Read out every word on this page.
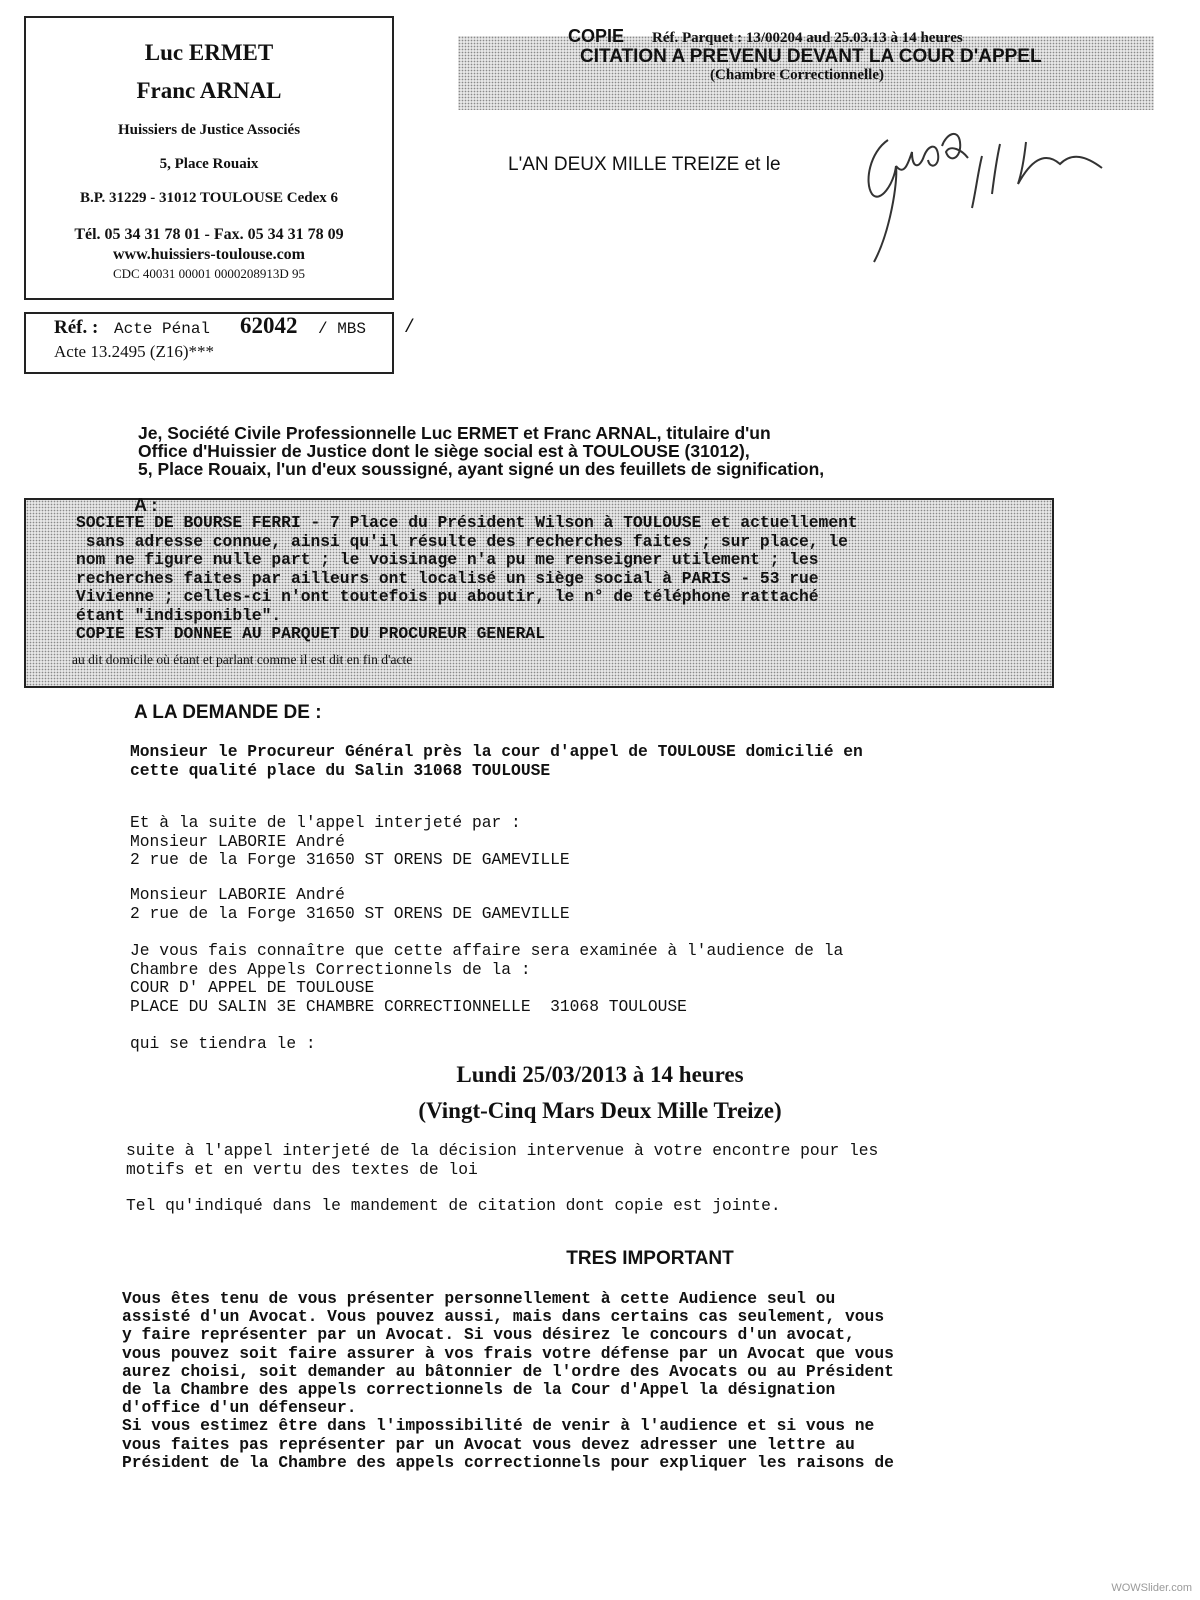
Luc ERMET
Franc ARNAL
Huissiers de Justice Associés
5, Place Rouaix
B.P. 31229 - 31012 TOULOUSE Cedex 6
Tél. 05 34 31 78 01 - Fax. 05 34 31 78 09
www.huissiers-toulouse.com
CDC 40031 00001 0000208913D 95
Réf. : Acte Pénal 62042 / MBS
Acte 13.2495 (Z16)***
/
COPIE Réf. Parquet : 13/00204 aud 25.03.13 à 14 heures
CITATION A PREVENU DEVANT LA COUR D'APPEL
(Chambre Correctionnelle)
L'AN DEUX MILLE TREIZE et le
Je, Société Civile Professionnelle Luc ERMET et Franc ARNAL, titulaire d'un
Office d'Huissier de Justice dont le siège social est à TOULOUSE (31012),
5, Place Rouaix, l'un d'eux soussigné, ayant signé un des feuillets de signification,
A :
SOCIETE DE BOURSE FERRI - 7 Place du Président Wilson à TOULOUSE et actuellement
sans adresse connue, ainsi qu'il résulte des recherches faites ; sur place, le
nom ne figure nulle part ; le voisinage n'a pu me renseigner utilement ; les
recherches faites par ailleurs ont localisé un siège social à PARIS - 53 rue
Vivienne ; celles-ci n'ont toutefois pu aboutir, le n° de téléphone rattaché
étant "indisponible".
COPIE EST DONNEE AU PARQUET DU PROCUREUR GENERAL
au dit domicile où étant et parlant comme il est dit en fin d'acte
A LA DEMANDE DE :
Monsieur le Procureur Général près la cour d'appel de TOULOUSE domicilié en
cette qualité place du Salin 31068 TOULOUSE
Et à la suite de l'appel interjeté par :
Monsieur LABORIE André
2 rue de la Forge 31650 ST ORENS DE GAMEVILLE
Monsieur LABORIE André
2 rue de la Forge 31650 ST ORENS DE GAMEVILLE
Je vous fais connaître que cette affaire sera examinée à l'audience de la
Chambre des Appels Correctionnels de la :
COUR D' APPEL DE TOULOUSE
PLACE DU SALIN 3E CHAMBRE CORRECTIONNELLE  31068 TOULOUSE
qui se tiendra le :
Lundi 25/03/2013 à 14 heures
(Vingt-Cinq Mars Deux Mille Treize)
suite à l'appel interjeté de la décision intervenue à votre encontre pour les
motifs et en vertu des textes de loi
Tel qu'indiqué dans le mandement de citation dont copie est jointe.
TRES IMPORTANT
Vous êtes tenu de vous présenter personnellement à cette Audience seul ou
assisté d'un Avocat. Vous pouvez aussi, mais dans certains cas seulement, vous
y faire représenter par un Avocat. Si vous désirez le concours d'un avocat,
vous pouvez soit faire assurer à vos frais votre défense par un Avocat que vous
aurez choisi, soit demander au bâtonnier de l'ordre des Avocats ou au Président
de la Chambre des appels correctionnels de la Cour d'Appel la désignation
d'office d'un défenseur.
Si vous estimez être dans l'impossibilité de venir à l'audience et si vous ne
vous faites pas représenter par un Avocat vous devez adresser une lettre au
Président de la Chambre des appels correctionnels pour expliquer les raisons de
WOWSlider.com
